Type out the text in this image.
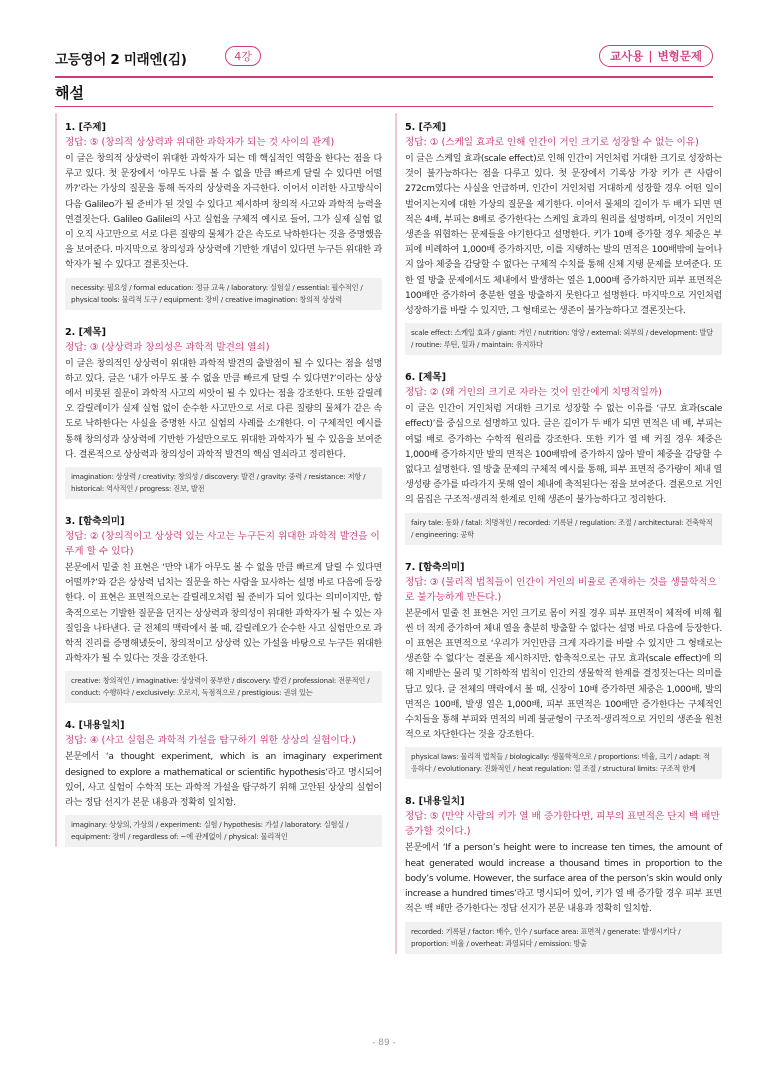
고등영어 2 미래엔(김)	4강	교사용 | 변형문제
해설
1. [주제]
정답: ⑤ (창의적 상상력과 위대한 과학자가 되는 것 사이의 관계)
이 글은 창의적 상상력이 위대한 과학자가 되는 데 핵심적인 역할을 한다는 점을 다루고 있다. 첫 문장에서 ‘아무도 나를 볼 수 없을 만큼 빠르게 달릴 수 있다면 어떨까?’라는 가상의 질문을 통해 독자의 상상력을 자극한다. 이어서 이러한 사고방식이 다음 Galileo가 될 준비가 된 것일 수 있다고 제시하며 창의적 사고와 과학적 능력을 연결짓는다. Galileo Galilei의 사고 실험을 구체적 예시로 들어, 그가 실제 실험 없이 오직 사고만으로 서로 다른 질량의 물체가 같은 속도로 낙하한다는 것을 증명했음을 보여준다. 마지막으로 창의성과 상상력에 기반한 개념이 있다면 누구든 위대한 과학자가 될 수 있다고 결론짓는다.
necessity: 필요성 / formal education: 정규 교육 / laboratory: 실험실 / essential: 필수적인 / physical tools: 물리적 도구 / equipment: 장비 / creative imagination: 창의적 상상력
2. [제목]
정답: ③ (상상력과 창의성은 과학적 발견의 열쇠)
이 글은 창의적인 상상력이 위대한 과학적 발견의 출발점이 될 수 있다는 점을 설명하고 있다. 글은 ‘내가 아무도 볼 수 없을 만큼 빠르게 달릴 수 있다면?’이라는 상상에서 비롯된 질문이 과학적 사고의 씨앗이 될 수 있다는 점을 강조한다. 또한 갈릴레오 갈릴레이가 실제 실험 없이 순수한 사고만으로 서로 다른 질량의 물체가 같은 속도로 낙하한다는 사실을 증명한 사고 실험의 사례를 소개한다. 이 구체적인 예시를 통해 창의성과 상상력에 기반한 가설만으로도 위대한 과학자가 될 수 있음을 보여준다. 결론적으로 상상력과 창의성이 과학적 발견의 핵심 열쇠라고 정리한다.
imagination: 상상력 / creativity: 창의성 / discovery: 발견 / gravity: 중력 / resistance: 저항 / historical: 역사적인 / progress: 진보, 발전
3. [함축의미]
정답: ② (창의적이고 상상력 있는 사고는 누구든지 위대한 과학적 발견을 이루게 할 수 있다)
본문에서 밑줄 친 표현은 ‘만약 내가 아무도 볼 수 없을 만큼 빠르게 달릴 수 있다면 어떨까?’와 같은 상상력 넘치는 질문을 하는 사람을 묘사하는 설명 바로 다음에 등장한다. 이 표현은 표면적으로는 갈릴레오처럼 될 준비가 되어 있다는 의미이지만, 함축적으로는 기발한 질문을 던지는 상상력과 창의성이 위대한 과학자가 될 수 있는 자질임을 나타낸다. 글 전체의 맥락에서 볼 때, 갈릴레오가 순수한 사고 실험만으로 과학적 진리를 증명해냈듯이, 창의적이고 상상력 있는 가설을 바탕으로 누구든 위대한 과학자가 될 수 있다는 것을 강조한다.
creative: 창의적인 / imaginative: 상상력이 풍부한 / discovery: 발견 / professional: 전문적인 / conduct: 수행하다 / exclusively: 오로지, 독점적으로 / prestigious: 권위 있는
4. [내용일치]
정답: ④ (사고 실험은 과학적 가설을 탐구하기 위한 상상의 실험이다.)
본문에서 ‘a thought experiment, which is an imaginary experiment designed to explore a mathematical or scientific hypothesis’라고 명시되어 있어, 사고 실험이 수학적 또는 과학적 가설을 탐구하기 위해 고안된 상상의 실험이라는 정답 선지가 본문 내용과 정확히 일치함.
imaginary: 상상의, 가상의 / experiment: 실험 / hypothesis: 가설 / laboratory: 실험실 / equipment: 장비 / regardless of: ~에 관계없이 / physical: 물리적인
5. [주제]
정답: ① (스케일 효과로 인해 인간이 거인 크기로 성장할 수 없는 이유)
이 글은 스케일 효과(scale effect)로 인해 인간이 거인처럼 거대한 크기로 성장하는 것이 불가능하다는 점을 다루고 있다. 첫 문장에서 기록상 가장 키가 큰 사람이 272cm였다는 사실을 언급하며, 인간이 거인처럼 거대하게 성장할 경우 어떤 일이 벌어지는지에 대한 가상의 질문을 제기한다. 이어서 물체의 길이가 두 배가 되면 면적은 4배, 부피는 8배로 증가한다는 스케일 효과의 원리를 설명하며, 이것이 거인의 생존을 위협하는 문제들을 야기한다고 설명한다. 키가 10배 증가할 경우 체중은 부피에 비례하여 1,000배 증가하지만, 이를 지탱하는 발의 면적은 100배밖에 늘어나지 않아 체중을 감당할 수 없다는 구체적 수치를 통해 신체 지탱 문제를 보여준다. 또한 열 방출 문제에서도 체내에서 발생하는 열은 1,000배 증가하지만 피부 표면적은 100배만 증가하여 충분한 열을 방출하지 못한다고 설명한다. 마지막으로 거인처럼 성장하기를 바랄 수 있지만, 그 형태로는 생존이 불가능하다고 결론짓는다.
scale effect: 스케일 효과 / giant: 거인 / nutrition: 영양 / external: 외부의 / development: 발달 / routine: 루틴, 일과 / maintain: 유지하다
6. [제목]
정답: ② (왜 거인의 크기로 자라는 것이 인간에게 치명적일까)
이 글은 인간이 거인처럼 거대한 크기로 성장할 수 없는 이유를 ‘규모 효과(scale effect)’를 중심으로 설명하고 있다. 글은 길이가 두 배가 되면 면적은 네 배, 부피는 여덟 배로 증가하는 수학적 원리를 강조한다. 또한 키가 열 배 커질 경우 체중은 1,000배 증가하지만 발의 면적은 100배밖에 증가하지 않아 발이 체중을 감당할 수 없다고 설명한다. 열 방출 문제의 구체적 예시를 통해, 피부 표면적 증가량이 체내 열 생성량 증가를 따라가지 못해 열이 체내에 축적된다는 점을 보여준다. 결론으로 거인의 몸집은 구조적·생리적 한계로 인해 생존이 불가능하다고 정리한다.
fairy tale: 동화 / fatal: 치명적인 / recorded: 기록된 / regulation: 조절 / architectural: 건축학적 / engineering: 공학
7. [함축의미]
정답: ③ (물리적 법칙들이 인간이 거인의 비율로 존재하는 것을 생물학적으로 불가능하게 만든다.)
본문에서 밑줄 친 표현은 거인 크기로 몸이 커질 경우 피부 표면적이 체적에 비해 훨씬 더 적게 증가하여 체내 열을 충분히 방출할 수 없다는 설명 바로 다음에 등장한다. 이 표현은 표면적으로 ‘우리가 거인만큼 크게 자라기를 바랄 수 있지만 그 형태로는 생존할 수 없다’는 결론을 제시하지만, 함축적으로는 규모 효과(scale effect)에 의해 지배받는 물리 및 기하학적 법칙이 인간의 생물학적 한계를 결정짓는다는 의미를 담고 있다. 글 전체의 맥락에서 볼 때, 신장이 10배 증가하면 체중은 1,000배, 발의 면적은 100배, 발생 열은 1,000배, 피부 표면적은 100배만 증가한다는 구체적인 수치들을 통해 부피와 면적의 비례 불균형이 구조적·생리적으로 거인의 생존을 원천적으로 차단한다는 것을 강조한다.
physical laws: 물리적 법칙들 / biologically: 생물학적으로 / proportions: 비율, 크기 / adapt: 적응하다 / evolutionary: 진화적인 / heat regulation: 열 조절 / structural limits: 구조적 한계
8. [내용일치]
정답: ⑤ (만약 사람의 키가 열 배 증가한다면, 피부의 표면적은 단지 백 배만 증가할 것이다.)
본문에서 ‘If a person’s height were to increase ten times, the amount of heat generated would increase a thousand times in proportion to the body’s volume. However, the surface area of the person’s skin would only increase a hundred times’라고 명시되어 있어, 키가 열 배 증가할 경우 피부 표면적은 백 배만 증가한다는 정답 선지가 본문 내용과 정확히 일치함.
recorded: 기록된 / factor: 배수, 인수 / surface area: 표면적 / generate: 발생시키다 / proportion: 비율 / overheat: 과열되다 / emission: 방출
- 89 -
